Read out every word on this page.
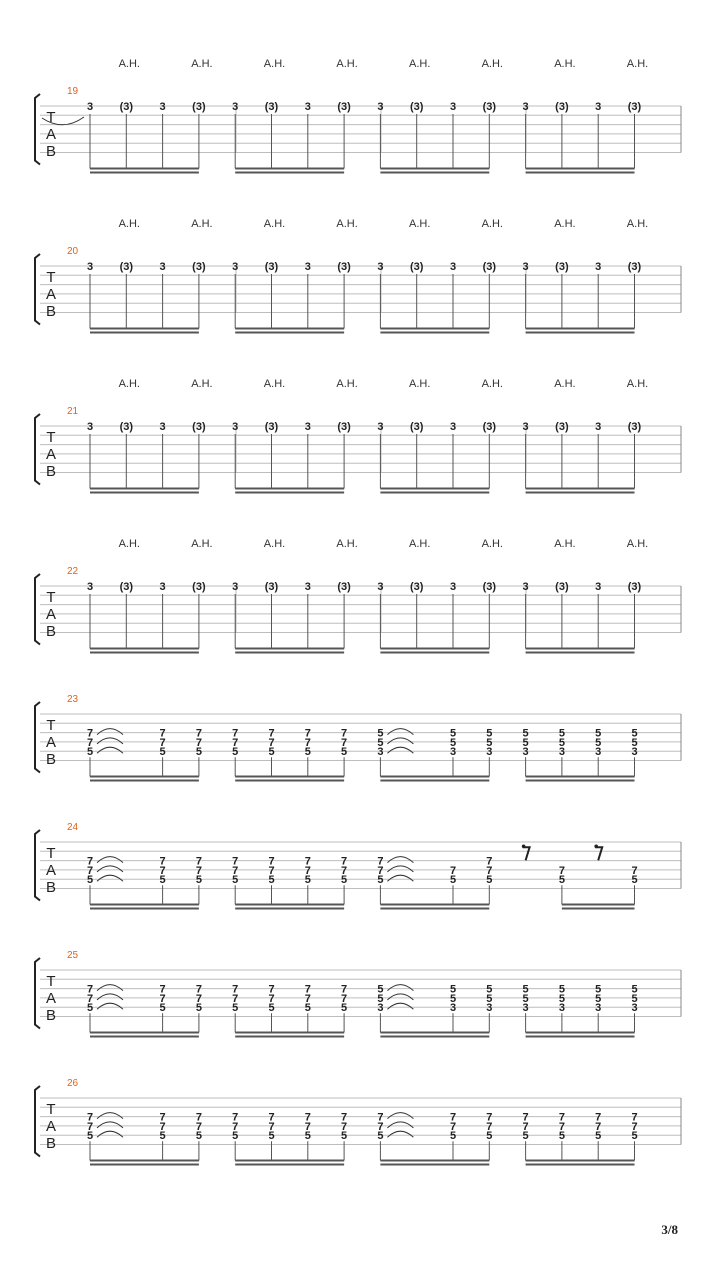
T
A
B
19
3 (3)
A.H.
3 (3)
A.H.
3 (3)
A.H.
3 (3)
A.H.
3 (3)
A.H.
3 (3)
A.H.
3 (3)
A.H.
3 (3)
A.H.
T
A
B
20
3 (3)
A.H.
3 (3)
A.H.
3 (3)
A.H.
3 (3)
A.H.
3 (3)
A.H.
3 (3)
A.H.
3 (3)
A.H.
3 (3)
A.H.
T
A
B
21
3 (3)
A.H.
3 (3)
A.H.
3 (3)
A.H.
3 (3)
A.H.
3 (3)
A.H.
3 (3)
A.H.
3 (3)
A.H.
3 (3)
A.H.
T
A
B
22
3 (3)
A.H.
3 (3)
A.H.
3 (3)
A.H.
3 (3)
A.H.
3 (3)
A.H.
3 (3)
A.H.
3 (3)
A.H.
3 (3)
A.H.
T
A
B
23
7
7
5
7
7
5
7
7
5
7
7
5
7
7
5
7
7
5
7
7
5
5
5
3
5
5
3
5
5
3
5
5
3
5
5
3
5
5
3
5
5
3
T
A
B
24
7
7
5
7
7
5
7
7
5
7
7
5
7
7
5
7
7
5
7
7
5
7
7
5
7
5
7
7
5
7
5
7
5
T
A
B
25
7
7
5
7
7
5
7
7
5
7
7
5
7
7
5
7
7
5
7
7
5
5
5
3
5
5
3
5
5
3
5
5
3
5
5
3
5
5
3
5
5
3
T
A
B
26
7
7
5
7
7
5
7
7
5
7
7
5
7
7
5
7
7
5
7
7
5
7
7
5
7
7
5
7
7
5
7
7
5
7
7
5
7
7
5
7
7
5
3/8
